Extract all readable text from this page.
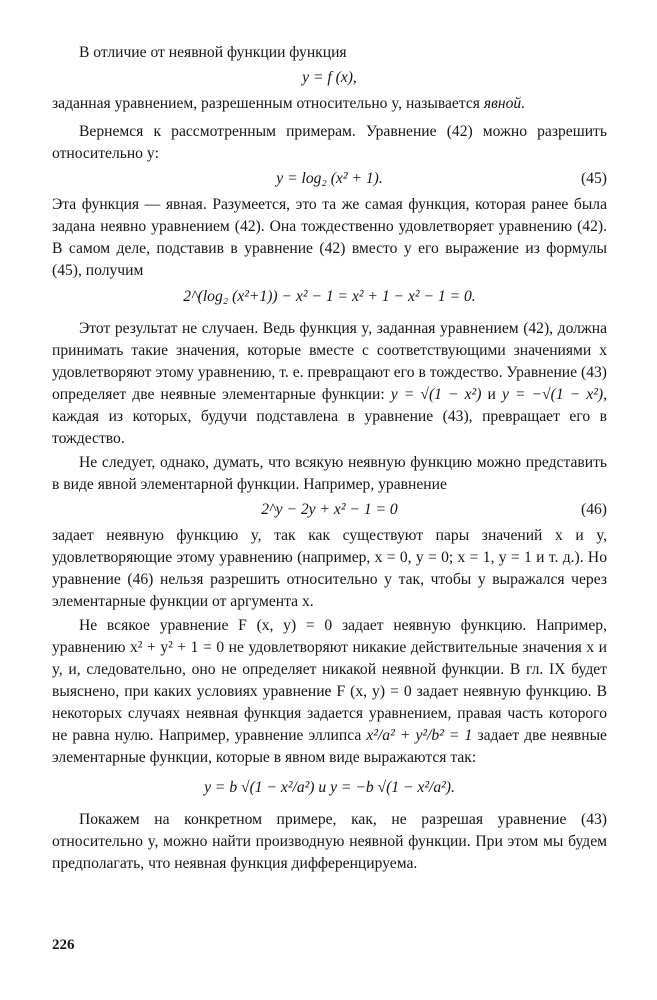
В отличие от неявной функции функция

y = f (x),

заданная уравнением, разрешенным относительно y, называется явной.

Вернемся к рассмотренным примерам. Уравнение (42) можно разрешить относительно y:

y = log₂ (x² + 1).	(45)

Эта функция — явная. Разумеется, это та же самая функция, которая ранее была задана неявно уравнением (42). Она тождественно удовлетворяет уравнению (42). В самом деле, подставив в уравнение (42) вместо y его выражение из формулы (45), получим

2^(log₂ (x²+1)) − x² − 1 = x² + 1 − x² − 1 = 0.

Этот результат не случаен. Ведь функция y, заданная уравнением (42), должна принимать такие значения, которые вместе с соответствующими значениями x удовлетворяют этому уравнению, т. е. превращают его в тождество. Уравнение (43) определяет две неявные элементарные функции: y = √(1 − x²) и y = −√(1 − x²), каждая из которых, будучи подставлена в уравнение (43), превращает его в тождество.

Не следует, однако, думать, что всякую неявную функцию можно представить в виде явной элементарной функции. Например, уравнение

2^y − 2y + x² − 1 = 0	(46)

задает неявную функцию y, так как существуют пары значений x и y, удовлетворяющие этому уравнению (например, x = 0, y = 0; x = 1, y = 1 и т. д.). Но уравнение (46) нельзя разрешить относительно y так, чтобы y выражался через элементарные функции от аргумента x.

Не всякое уравнение F (x, y) = 0 задает неявную функцию. Например, уравнению x² + y² + 1 = 0 не удовлетворяют никакие действительные значения x и y, и, следовательно, оно не определяет никакой неявной функции. В гл. IX будет выяснено, при каких условиях уравнение F (x, y) = 0 задает неявную функцию. В некоторых случаях неявная функция задается уравнением, правая часть которого не равна нулю. Например, уравнение эллипса x²/a² + y²/b² = 1 задает две неявные элементарные функции, которые в явном виде выражаются так:

y = b √(1 − x²/a²) и y = −b √(1 − x²/a²).

Покажем на конкретном примере, как, не разрешая уравнение (43) относительно y, можно найти производную неявной функции. При этом мы будем предполагать, что неявная функция дифференцируема.

226
